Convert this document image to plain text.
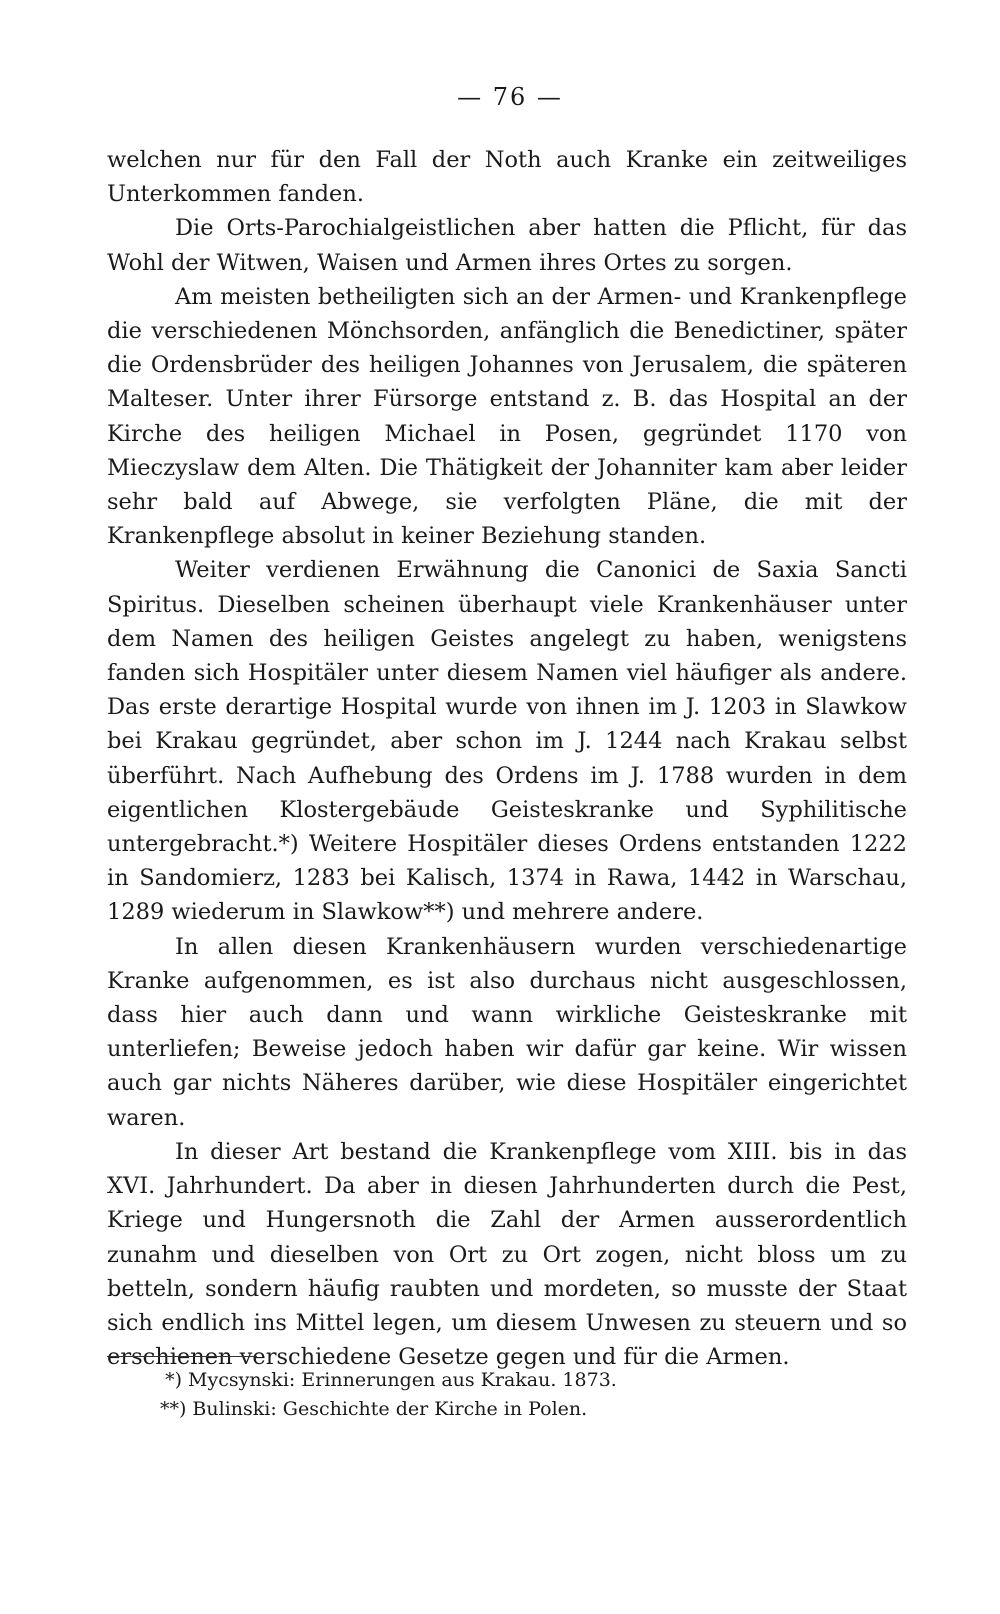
— 76 —

welchen nur für den Fall der Noth auch Kranke ein zeitweiliges Unterkommen fanden.

Die Orts-Parochialgeistlichen aber hatten die Pflicht, für das Wohl der Witwen, Waisen und Armen ihres Ortes zu sorgen.

Am meisten betheiligten sich an der Armen- und Krankenpflege die verschiedenen Mönchsorden, anfänglich die Benedictiner, später die Ordensbrüder des heiligen Johannes von Jerusalem, die späteren Malteser. Unter ihrer Fürsorge entstand z. B. das Hospital an der Kirche des heiligen Michael in Posen, gegründet 1170 von Mieczyslaw dem Alten. Die Thätigkeit der Johanniter kam aber leider sehr bald auf Abwege, sie verfolgten Pläne, die mit der Krankenpflege absolut in keiner Beziehung standen.

Weiter verdienen Erwähnung die Canonici de Saxia Sancti Spiritus. Dieselben scheinen überhaupt viele Krankenhäuser unter dem Namen des heiligen Geistes angelegt zu haben, wenigstens fanden sich Hospitäler unter diesem Namen viel häufiger als andere. Das erste derartige Hospital wurde von ihnen im J. 1203 in Slawkow bei Krakau gegründet, aber schon im J. 1244 nach Krakau selbst überführt. Nach Aufhebung des Ordens im J. 1788 wurden in dem eigentlichen Klostergebäude Geisteskranke und Syphilitische untergebracht.*) Weitere Hospitäler dieses Ordens entstanden 1222 in Sandomierz, 1283 bei Kalisch, 1374 in Rawa, 1442 in Warschau, 1289 wiederum in Slawkow**) und mehrere andere.

In allen diesen Krankenhäusern wurden verschiedenartige Kranke aufgenommen, es ist also durchaus nicht ausgeschlossen, dass hier auch dann und wann wirkliche Geisteskranke mit unterliefen; Beweise jedoch haben wir dafür gar keine. Wir wissen auch gar nichts Näheres darüber, wie diese Hospitäler eingerichtet waren.

In dieser Art bestand die Krankenpflege vom XIII. bis in das XVI. Jahrhundert. Da aber in diesen Jahrhunderten durch die Pest, Kriege und Hungersnoth die Zahl der Armen ausserordentlich zunahm und dieselben von Ort zu Ort zogen, nicht bloss um zu betteln, sondern häufig raubten und mordeten, so musste der Staat sich endlich ins Mittel legen, um diesem Unwesen zu steuern und so erschienen verschiedene Gesetze gegen und für die Armen.

*) Mycsynski: Erinnerungen aus Krakau. 1873.
**) Bulinski: Geschichte der Kirche in Polen.
